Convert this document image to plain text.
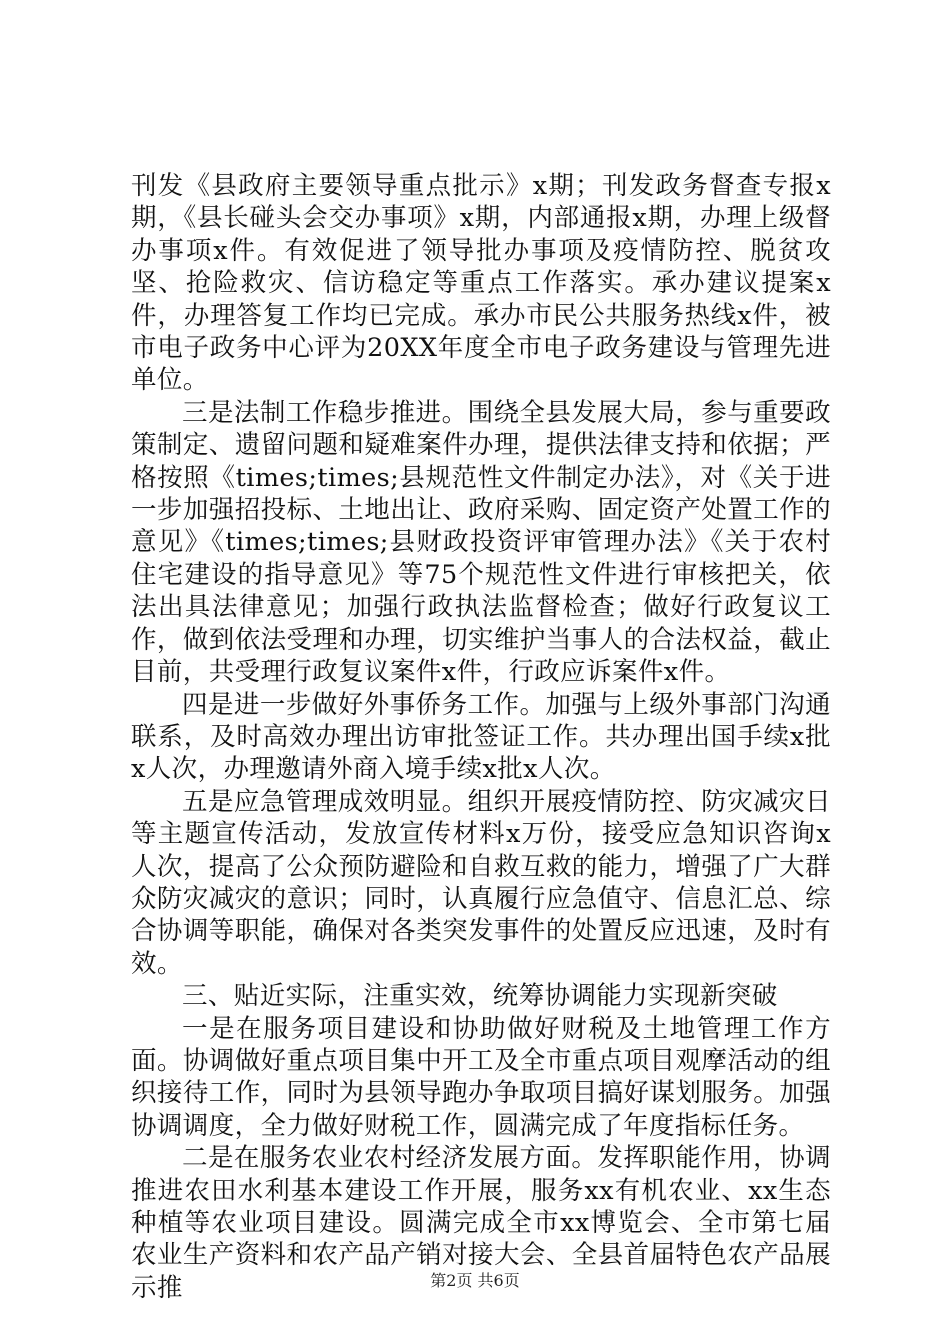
刊发《县政府主要领导重点批示》x期；刊发政务督查专报x期，《县长碰头会交办事项》x期，内部通报x期，办理上级督办事项x件。有效促进了领导批办事项及疫情防控、脱贫攻坚、抢险救灾、信访稳定等重点工作落实。承办建议提案x件，办理答复工作均已完成。承办市民公共服务热线x件，被市电子政务中心评为20XX年度全市电子政务建设与管理先进单位。

三是法制工作稳步推进。围绕全县发展大局，参与重要政策制定、遗留问题和疑难案件办理，提供法律支持和依据；严格按照《times;times;县规范性文件制定办法》，对《关于进一步加强招投标、土地出让、政府采购、固定资产处置工作的意见》《times;times;县财政投资评审管理办法》《关于农村住宅建设的指导意见》等75个规范性文件进行审核把关，依法出具法律意见；加强行政执法监督检查；做好行政复议工作，做到依法受理和办理，切实维护当事人的合法权益，截止目前，共受理行政复议案件x件，行政应诉案件x件。

四是进一步做好外事侨务工作。加强与上级外事部门沟通联系，及时高效办理出访审批签证工作。共办理出国手续x批x人次，办理邀请外商入境手续x批x人次。

五是应急管理成效明显。组织开展疫情防控、防灾减灾日等主题宣传活动，发放宣传材料x万份，接受应急知识咨询x人次，提高了公众预防避险和自救互救的能力，增强了广大群众防灾减灾的意识；同时，认真履行应急值守、信息汇总、综合协调等职能，确保对各类突发事件的处置反应迅速，及时有效。

三、贴近实际，注重实效，统筹协调能力实现新突破

一是在服务项目建设和协助做好财税及土地管理工作方面。协调做好重点项目集中开工及全市重点项目观摩活动的组织接待工作，同时为县领导跑办争取项目搞好谋划服务。加强协调调度，全力做好财税工作，圆满完成了年度指标任务。

二是在服务农业农村经济发展方面。发挥职能作用，协调推进农田水利基本建设工作开展，服务xx有机农业、xx生态种植等农业项目建设。圆满完成全市xx博览会、全市第七届农业生产资料和农产品产销对接大会、全县首届特色农产品展示推	第2页 共6页
